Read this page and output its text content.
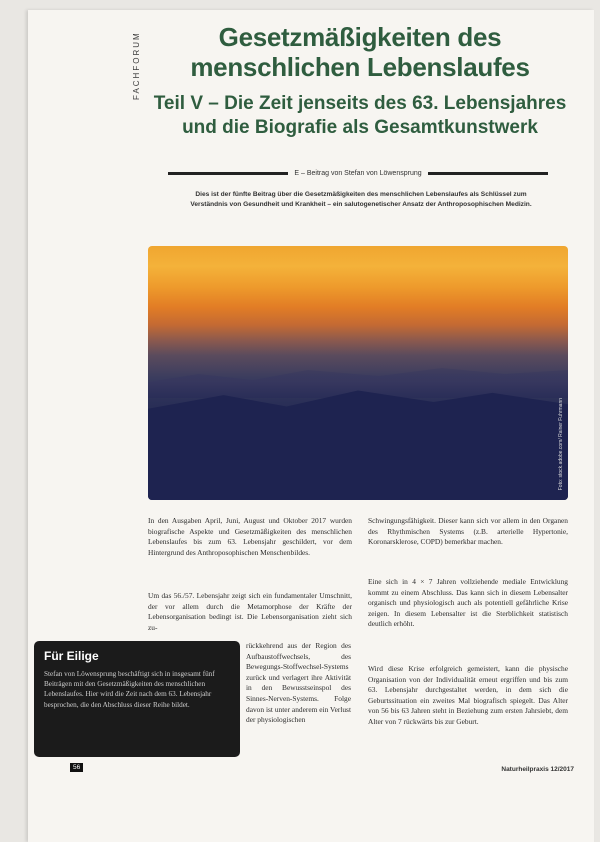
FACHFORUM	Gesetzmäßigkeiten des menschlichen Lebenslaufes
Teil V – Die Zeit jenseits des 63. Lebensjahres und die Biografie als Gesamtkunstwerk
E – Beitrag von Stefan von Löwensprung
Dies ist der fünfte Beitrag über die Gesetzmäßigkeiten des menschlichen Lebenslaufes als Schlüssel zum Verständnis von Gesundheit und Krankheit – ein salutogenetischer Ansatz der Anthroposophischen Medizin.
Foto: stock.adobe.com/ Rainer Fuhrmann

In den Ausgaben April, Juni, August und Oktober 2017 wurden biografische Aspekte und Gesetzmäßigkeiten des menschlichen Lebenslaufes bis zum 63. Lebensjahr geschildert, vor dem Hintergrund des Anthroposophischen Menschenbildes.

Um das 56./57. Lebensjahr zeigt sich ein fundamentaler Umschnitt, der vor allem durch die Metamorphose der Kräfte der Lebensorganisation bedingt ist. Die Lebensorganisation zieht sich zu-

rückkehrend aus der Region des Aufbaustoffwechsels, des Bewegungs-Stoffwechsel-Systems zurück und verlagert ihre Aktivität in den Bewusstseinspol des Sinnes-Nerven-Systems. Folge davon ist unter anderem ein Verlust der physiologischen

Schwingungsfähigkeit. Dieser kann sich vor allem in den Organen des Rhythmischen Systems (z.B. arterielle Hypertonie, Koronarsklerose, COPD) bemerkbar machen.

Eine sich in 4 × 7 Jahren vollziehende mediale Entwicklung kommt zu einem Abschluss. Das kann sich in diesem Lebensalter organisch und physiologisch auch als potentiell gefährliche Krise zeigen. In diesem Lebensalter ist die Sterblichkeit statistisch deutlich erhöht.

Wird diese Krise erfolgreich gemeistert, kann die physische Organisation von der Individualität erneut ergriffen und bis zum 63. Lebensjahr durchgestaltet werden, in dem sich die Geburtssituation ein zweites Mal biografisch spiegelt. Das Alter von 56 bis 63 Jahren steht in Beziehung zum ersten Jahrsiebt, dem Alter von 7 rückwärts bis zur Geburt.

Für Eilige

Stefan von Löwensprung beschäftigt sich in insgesamt fünf Beiträgen mit den Gesetzmäßigkeiten des menschlichen Lebenslaufes. Hier wird die Zeit nach dem 63. Lebensjahr besprochen, die den Abschluss dieser Reihe bildet.

56	Naturheilpraxis 12/2017
